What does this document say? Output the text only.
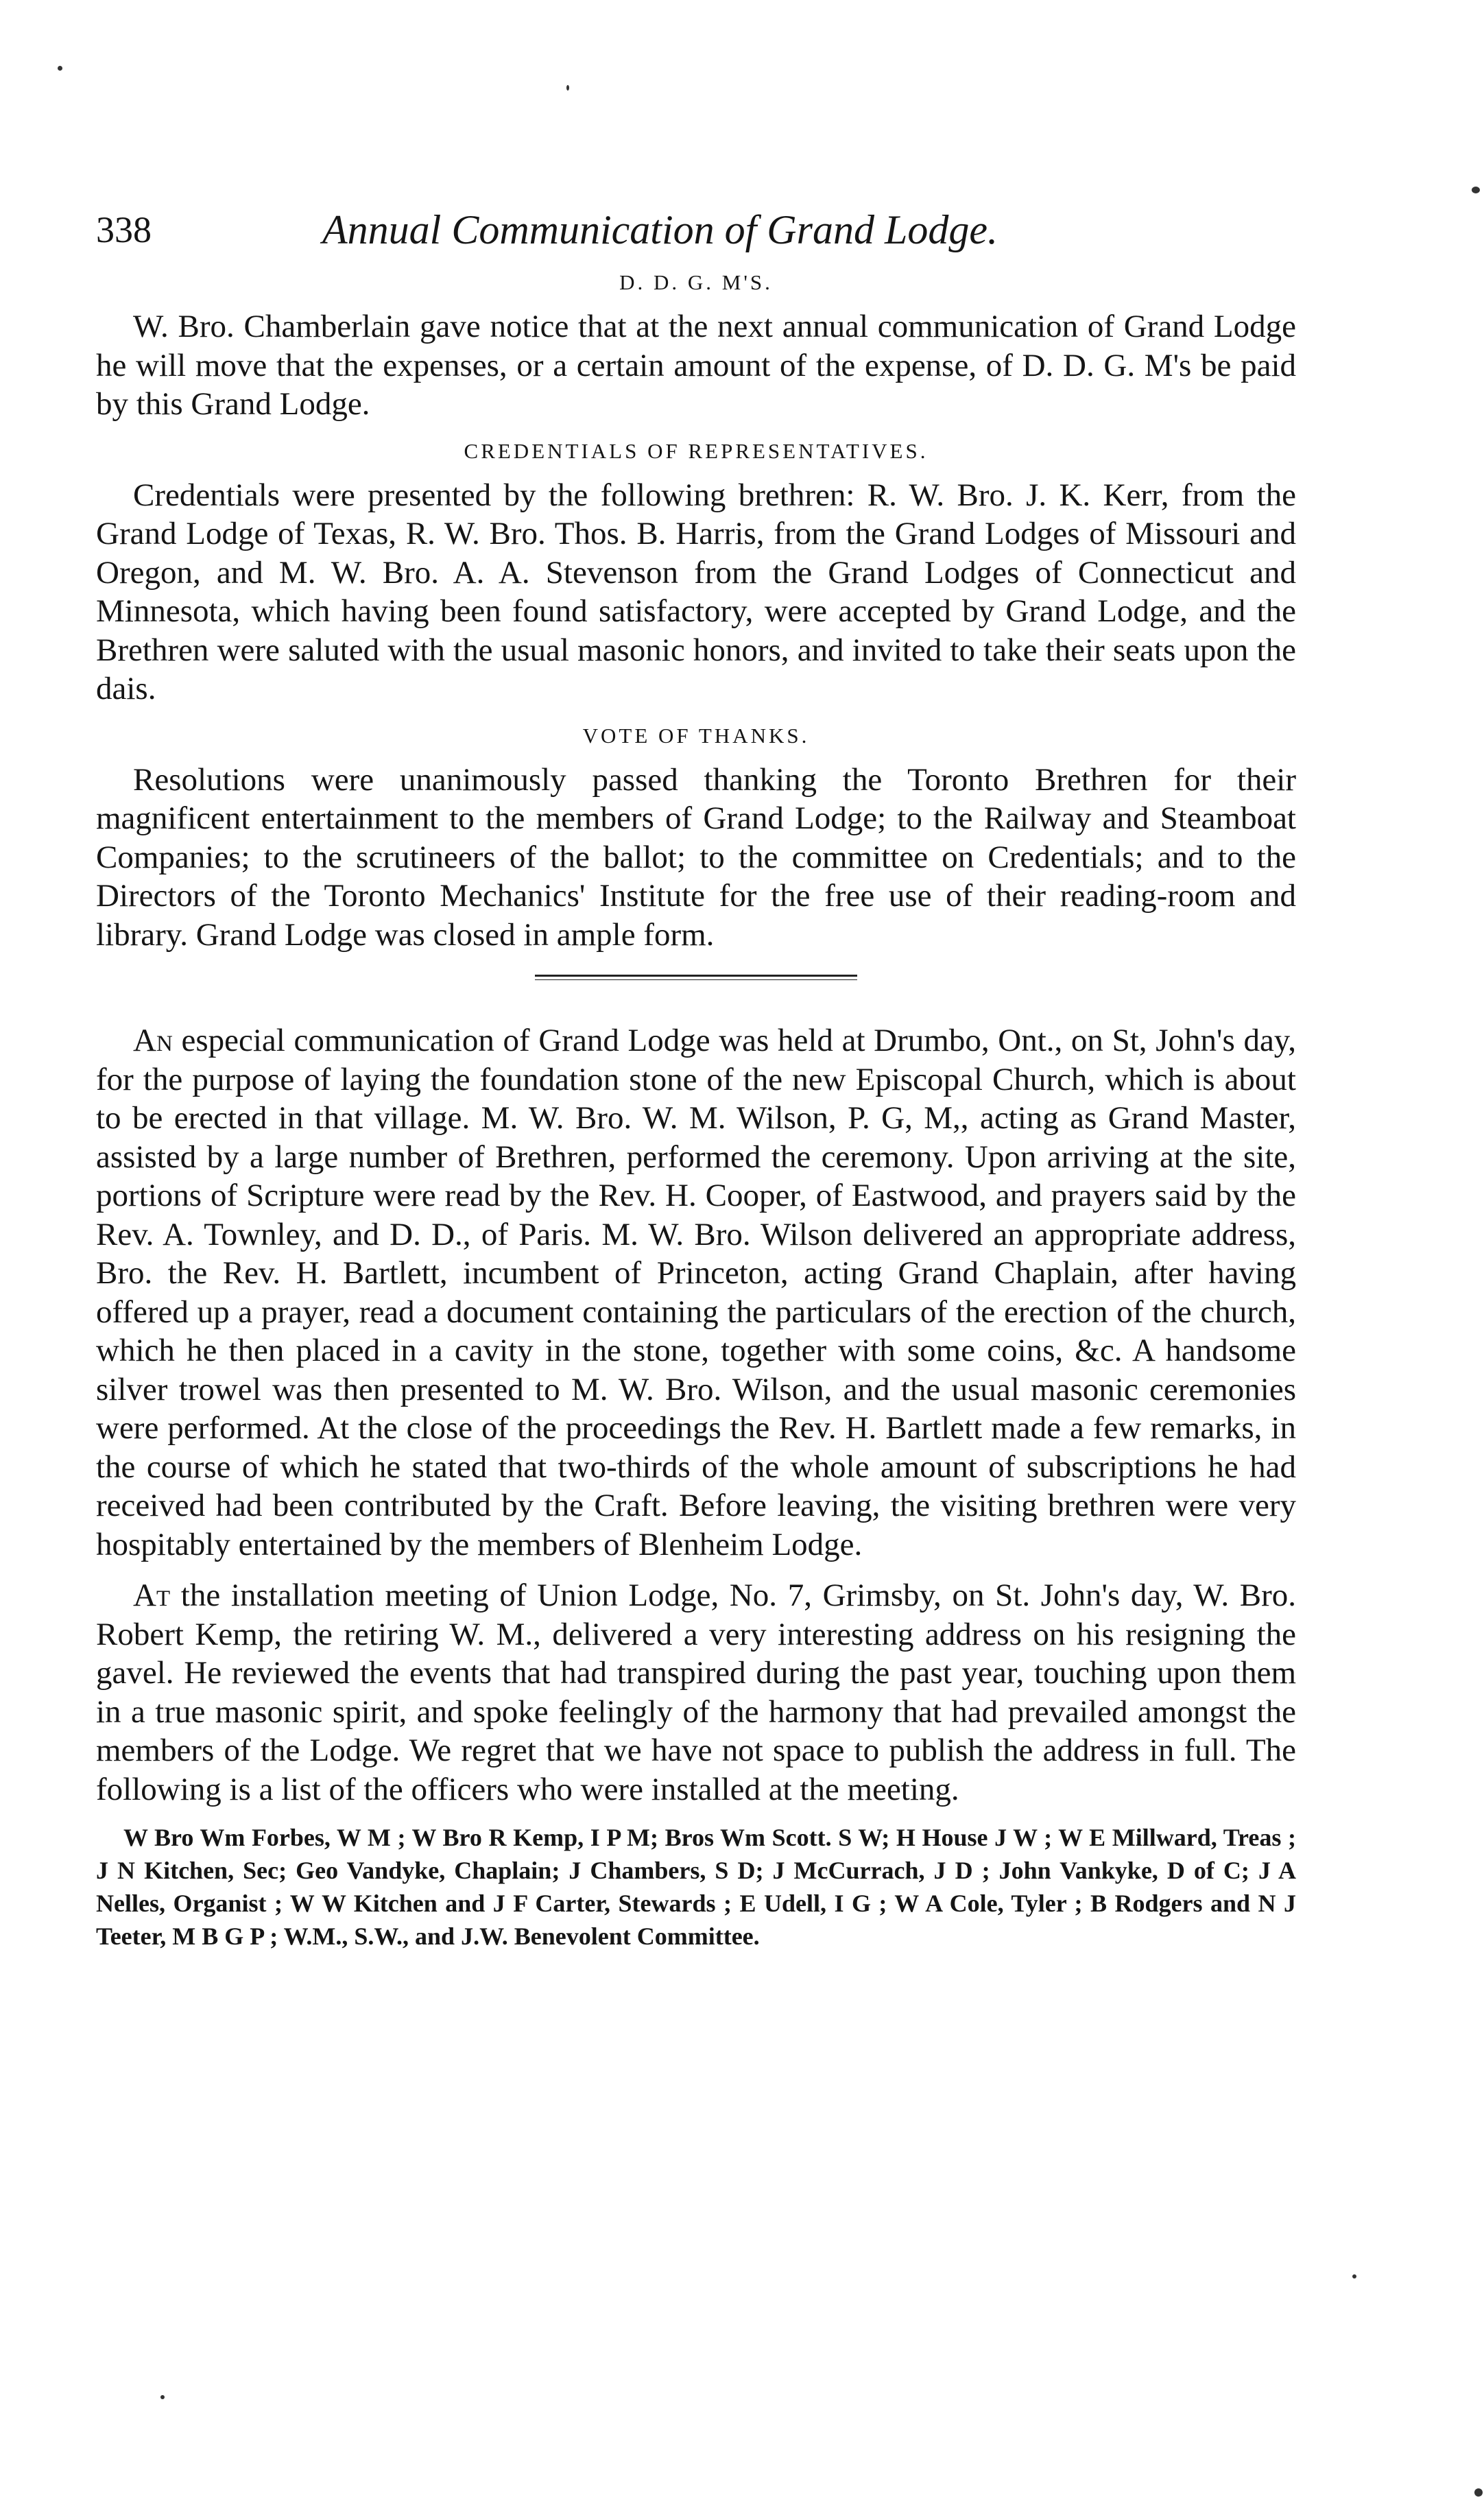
338	Annual Communication of Grand Lodge.
D. D. G. M'S.

W. Bro. Chamberlain gave notice that at the next annual communication of Grand Lodge he will move that the expenses, or a certain amount of the expense, of D. D. G. M's be paid by this Grand Lodge.

CREDENTIALS OF REPRESENTATIVES.

Credentials were presented by the following brethren: R. W. Bro. J. K. Kerr, from the Grand Lodge of Texas, R. W. Bro. Thos. B. Harris, from the Grand Lodges of Missouri and Oregon, and M. W. Bro. A. A. Stevenson from the Grand Lodges of Connecticut and Minnesota, which having been found satisfactory, were accepted by Grand Lodge, and the Brethren were saluted with the usual masonic honors, and invited to take their seats upon the dais.

VOTE OF THANKS.

Resolutions were unanimously passed thanking the Toronto Brethren for their magnificent entertainment to the members of Grand Lodge; to the Railway and Steamboat Companies; to the scrutineers of the ballot; to the committee on Credentials; and to the Directors of the Toronto Mechanics' Institute for the free use of their reading-room and library. Grand Lodge was closed in ample form.

An especial communication of Grand Lodge was held at Drumbo, Ont., on St, John's day, for the purpose of laying the foundation stone of the new Episcopal Church, which is about to be erected in that village. M. W. Bro. W. M. Wilson, P. G, M,, acting as Grand Master, assisted by a large number of Brethren, performed the ceremony. Upon arriving at the site, portions of Scripture were read by the Rev. H. Cooper, of Eastwood, and prayers said by the Rev. A. Townley, and D. D., of Paris. M. W. Bro. Wilson delivered an appropriate address, Bro. the Rev. H. Bartlett, incumbent of Princeton, acting Grand Chaplain, after having offered up a prayer, read a document containing the particulars of the erection of the church, which he then placed in a cavity in the stone, together with some coins, &c. A handsome silver trowel was then presented to M. W. Bro. Wilson, and the usual masonic ceremonies were performed. At the close of the proceedings the Rev. H. Bartlett made a few remarks, in the course of which he stated that two-thirds of the whole amount of subscriptions he had received had been contributed by the Craft. Before leaving, the visiting brethren were very hospitably entertained by the members of Blenheim Lodge.

At the installation meeting of Union Lodge, No. 7, Grimsby, on St. John's day, W. Bro. Robert Kemp, the retiring W. M., delivered a very interesting address on his resigning the gavel. He reviewed the events that had transpired during the past year, touching upon them in a true masonic spirit, and spoke feelingly of the harmony that had prevailed amongst the members of the Lodge. We regret that we have not space to publish the address in full. The following is a list of the officers who were installed at the meeting.

W Bro Wm Forbes, W M ; W Bro R Kemp, I P M; Bros Wm Scott. S W; H House J W ; W E Millward, Treas ; J N Kitchen, Sec; Geo Vandyke, Chaplain; J Chambers, S D; J McCurrach, J D ; John Vankyke, D of C; J A Nelles, Organist ; W W Kitchen and J F Carter, Stewards ; E Udell, I G ; W A Cole, Tyler ; B Rodgers and N J Teeter, M B G P ; W.M., S.W., and J.W. Benevolent Committee.
